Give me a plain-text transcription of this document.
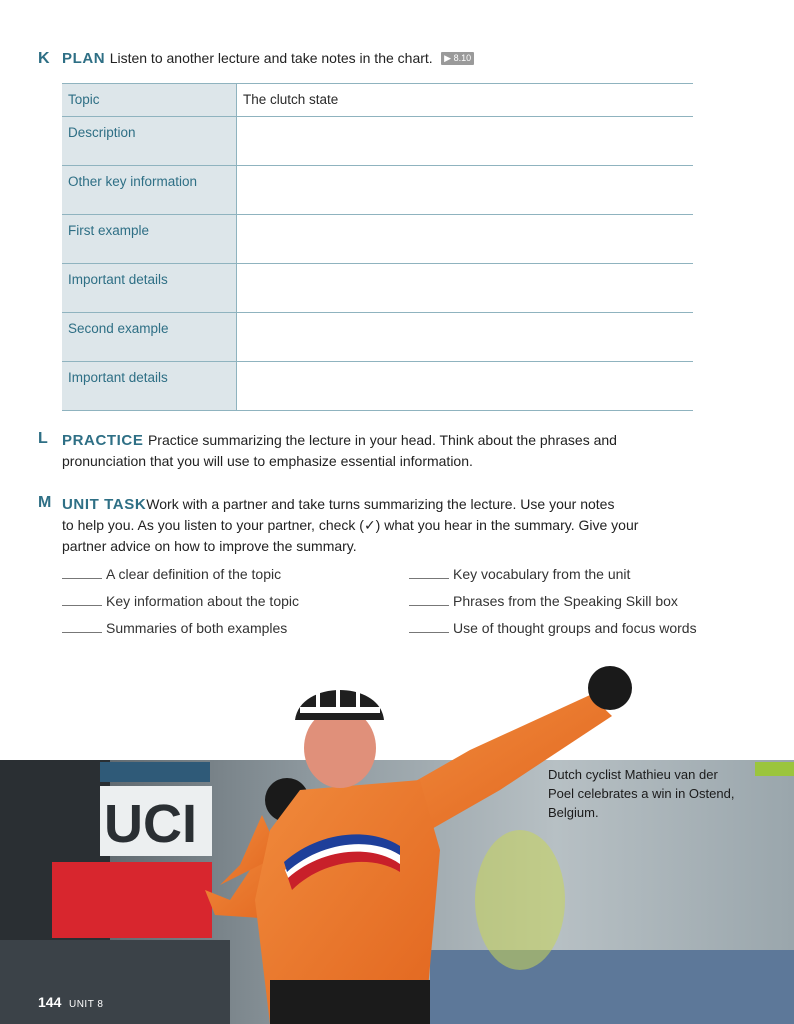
K PLAN Listen to another lecture and take notes in the chart. ▶ 8.10
Topic	The clutch state
Description	
Other key information	
First example	
Important details	
Second example	
Important details	
L PRACTICE Practice summarizing the lecture in your head. Think about the phrases and
pronunciation that you will use to emphasize essential information.
M UNIT TASKWork with a partner and take turns summarizing the lecture. Use your notes
to help you. As you listen to your partner, check (✓) what you hear in the summary. Give your
partner advice on how to improve the summary.
A clear definition of the topic
Key information about the topic
Summaries of both examples
Key vocabulary from the unit
Phrases from the Speaking Skill box
Use of thought groups and focus words
UCI
Dutch cyclist Mathieu van der Poel celebrates a win in Ostend, Belgium.
144 UNIT 8
